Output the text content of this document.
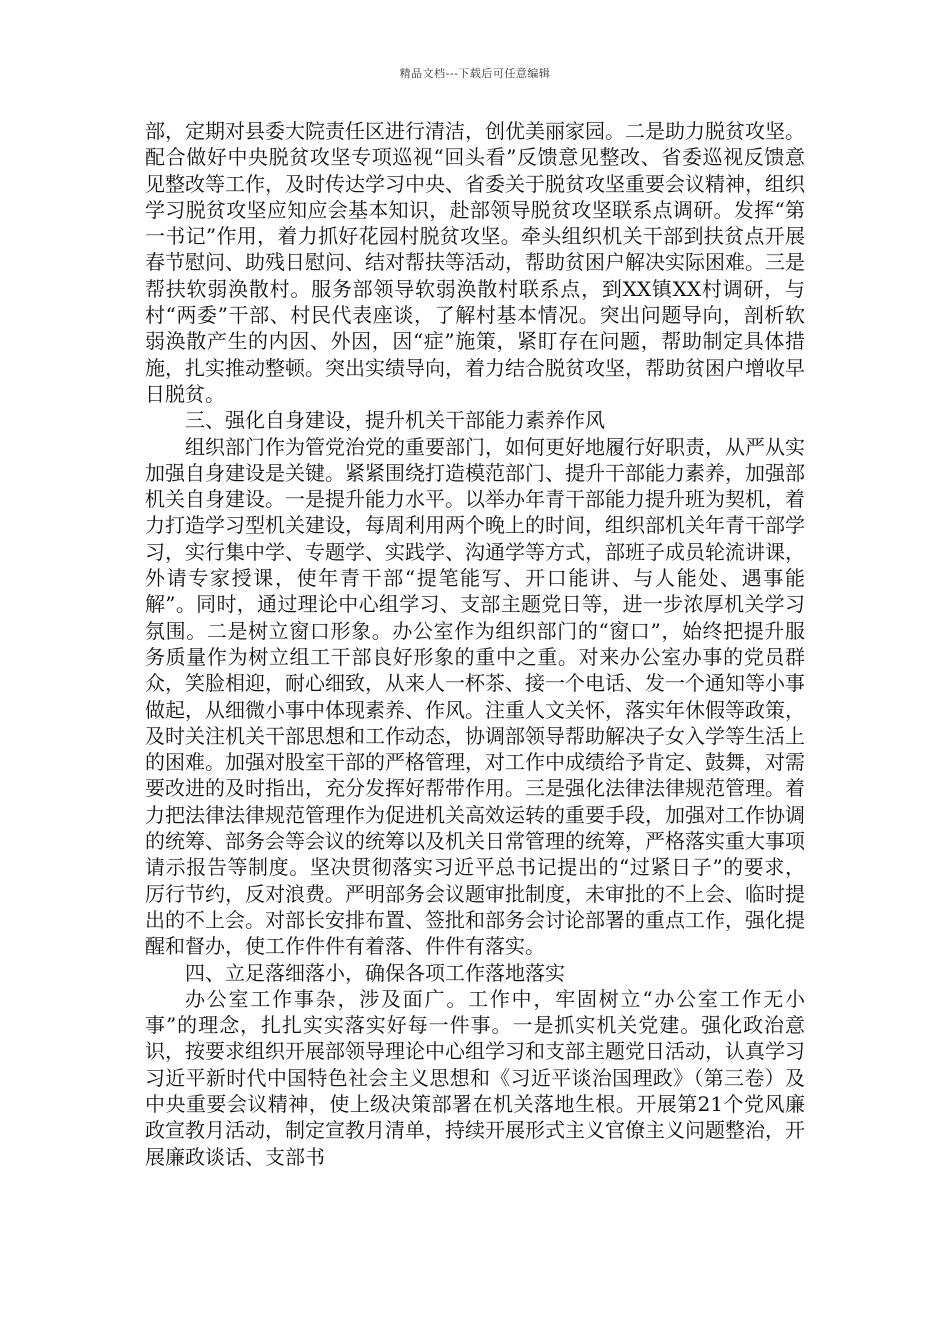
精品文档---下载后可任意编辑

部，定期对县委大院责任区进行清洁，创优美丽家园。二是助力脱贫攻坚。配合做好中央脱贫攻坚专项巡视“回头看”反馈意见整改、省委巡视反馈意见整改等工作，及时传达学习中央、省委关于脱贫攻坚重要会议精神，组织学习脱贫攻坚应知应会基本知识，赴部领导脱贫攻坚联系点调研。发挥“第一书记”作用，着力抓好花园村脱贫攻坚。牵头组织机关干部到扶贫点开展春节慰问、助残日慰问、结对帮扶等活动，帮助贫困户解决实际困难。三是帮扶软弱涣散村。服务部领导软弱涣散村联系点，到XX镇XX村调研，与村“两委”干部、村民代表座谈，了解村基本情况。突出问题导向，剖析软弱涣散产生的内因、外因，因“症”施策，紧盯存在问题，帮助制定具体措施，扎实推动整顿。突出实绩导向，着力结合脱贫攻坚，帮助贫困户增收早日脱贫。

三、强化自身建设，提升机关干部能力素养作风

组织部门作为管党治党的重要部门，如何更好地履行好职责，从严从实加强自身建设是关键。紧紧围绕打造模范部门、提升干部能力素养，加强部机关自身建设。一是提升能力水平。以举办年青干部能力提升班为契机，着力打造学习型机关建设，每周利用两个晚上的时间，组织部机关年青干部学习，实行集中学、专题学、实践学、沟通学等方式，部班子成员轮流讲课，外请专家授课，使年青干部“提笔能写、开口能讲、与人能处、遇事能解”。同时，通过理论中心组学习、支部主题党日等，进一步浓厚机关学习氛围。二是树立窗口形象。办公室作为组织部门的“窗口”，始终把提升服务质量作为树立组工干部良好形象的重中之重。对来办公室办事的党员群众，笑脸相迎，耐心细致，从来人一杯茶、接一个电话、发一个通知等小事做起，从细微小事中体现素养、作风。注重人文关怀，落实年休假等政策，及时关注机关干部思想和工作动态，协调部领导帮助解决子女入学等生活上的困难。加强对股室干部的严格管理，对工作中成绩给予肯定、鼓舞，对需要改进的及时指出，充分发挥好帮带作用。三是强化法律法律规范管理。着力把法律法律规范管理作为促进机关高效运转的重要手段，加强对工作协调的统筹、部务会等会议的统筹以及机关日常管理的统筹，严格落实重大事项请示报告等制度。坚决贯彻落实习近平总书记提出的“过紧日子”的要求，厉行节约，反对浪费。严明部务会议题审批制度，未审批的不上会、临时提出的不上会。对部长安排布置、签批和部务会讨论部署的重点工作，强化提醒和督办，使工作件件有着落、件件有落实。

四、立足落细落小，确保各项工作落地落实

办公室工作事杂，涉及面广。工作中，牢固树立“办公室工作无小事”的理念，扎扎实实落实好每一件事。一是抓实机关党建。强化政治意识，按要求组织开展部领导理论中心组学习和支部主题党日活动，认真学习习近平新时代中国特色社会主义思想和《习近平谈治国理政》（第三卷）及中央重要会议精神，使上级决策部署在机关落地生根。开展第21个党风廉政宣教月活动，制定宣教月清单，持续开展形式主义官僚主义问题整治，开展廉政谈话、支部书
